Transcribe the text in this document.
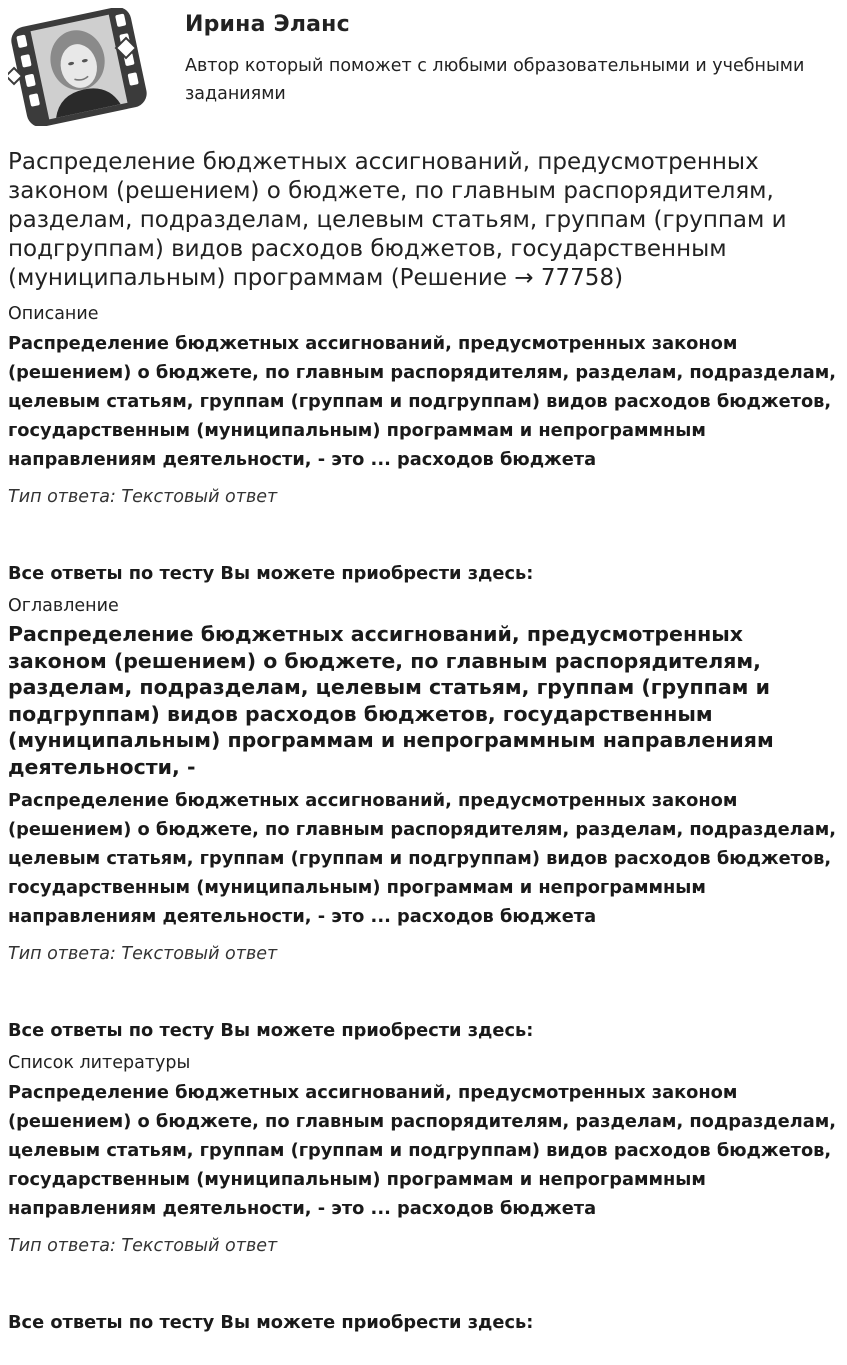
Ирина Эланс
Автор который поможет с любыми образовательными и учебными заданиями
Распределение бюджетных ассигнований, предусмотренных законом (решением) о бюджете, по главным распорядителям, разделам, подразделам, целевым статьям, группам (группам и подгруппам) видов расходов бюджетов, государственным (муниципальным) программам (Решение → 77758)
Описание
Распределение бюджетных ассигнований, предусмотренных законом (решением) о бюджете, по главным распорядителям, разделам, подразделам, целевым статьям, группам (группам и подгруппам) видов расходов бюджетов, государственным (муниципальным) программам и непрограммным направлениям деятельности, - это ... расходов бюджета
Тип ответа: Текстовый ответ
Все ответы по тесту Вы можете приобрести здесь:
Оглавление
Распределение бюджетных ассигнований, предусмотренных законом (решением) о бюджете, по главным распорядителям, разделам, подразделам, целевым статьям, группам (группам и подгруппам) видов расходов бюджетов, государственным (муниципальным) программам и непрограммным направлениям деятельности, -
Распределение бюджетных ассигнований, предусмотренных законом (решением) о бюджете, по главным распорядителям, разделам, подразделам, целевым статьям, группам (группам и подгруппам) видов расходов бюджетов, государственным (муниципальным) программам и непрограммным направлениям деятельности, - это ... расходов бюджета
Тип ответа: Текстовый ответ
Все ответы по тесту Вы можете приобрести здесь:
Список литературы
Распределение бюджетных ассигнований, предусмотренных законом (решением) о бюджете, по главным распорядителям, разделам, подразделам, целевым статьям, группам (группам и подгруппам) видов расходов бюджетов, государственным (муниципальным) программам и непрограммным направлениям деятельности, - это ... расходов бюджета
Тип ответа: Текстовый ответ
Все ответы по тесту Вы можете приобрести здесь:
